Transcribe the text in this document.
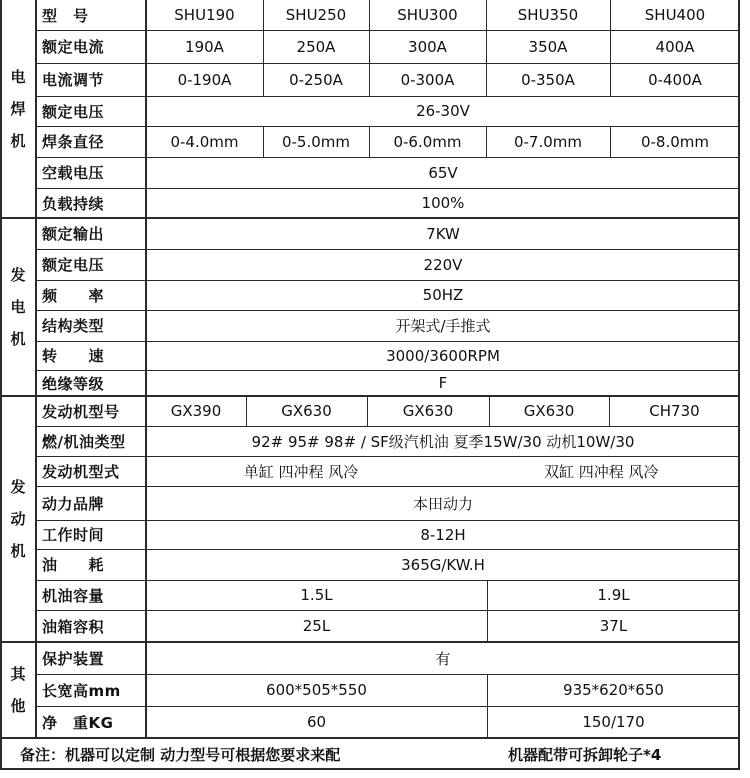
电
焊
机
发
电
机
发
动
机
其
他
型　号	SHU190	SHU250	SHU300	SHU350	SHU400
额定电流	190A	250A	300A	350A	400A
电流调节	0-190A	0-250A	0-300A	0-350A	0-400A
额定电压	26-30V
焊条直径	0-4.0mm	0-5.0mm	0-6.0mm	0-7.0mm	0-8.0mm
空载电压	65V
负载持续	100%
额定输出	7KW
额定电压	220V
频　　率	50HZ
结构类型	开架式/手推式
转　　速	3000/3600RPM
绝缘等级	F
发动机型号	GX390	GX630	GX630	GX630	CH730
燃/机油类型	92# 95# 98# / SF级汽机油 夏季15W/30 动机10W/30
发动机型式	单缸 四冲程 风冷	双缸 四冲程 风冷
动力品牌	本田动力
工作时间	8-12H
油　　耗	365G/KW.H
机油容量	1.5L	1.9L
油箱容积	25L	37L
保护装置	有
长宽高mm	600*505*550	935*620*650
净　重KG	60	150/170
备注：机器可以定制 动力型号可根据您要求来配	机器配带可拆卸轮子*4
